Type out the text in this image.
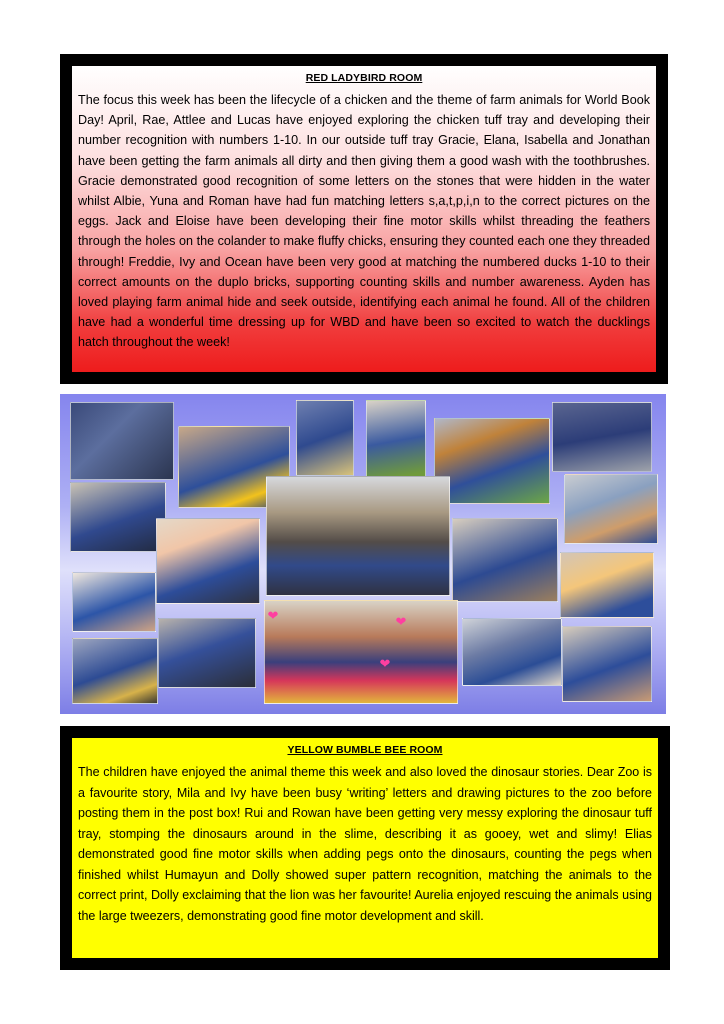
RED LADYBIRD ROOM

The focus this week has been the lifecycle of a chicken and the theme of farm animals for World Book Day! April, Rae, Attlee and Lucas have enjoyed exploring the chicken tuff tray and developing their number recognition with numbers 1-10. In our outside tuff tray Gracie, Elana, Isabella and Jonathan have been getting the farm animals all dirty and then giving them a good wash with the toothbrushes. Gracie demonstrated good recognition of some letters on the stones that were hidden in the water whilst Albie, Yuna and Roman have had fun matching letters s,a,t,p,i,n to the correct pictures on the eggs. Jack and Eloise have been developing their fine motor skills whilst threading the feathers through the holes on the colander to make fluffy chicks, ensuring they counted each one they threaded through! Freddie, Ivy and Ocean have been very good at matching the numbered ducks 1-10 to their correct amounts on the duplo bricks, supporting counting skills and number awareness. Ayden has loved playing farm animal hide and seek outside, identifying each animal he found. All of the children have had a wonderful time dressing up for WBD and have been so excited to watch the ducklings hatch throughout the week!

❤	❤
❤

YELLOW BUMBLE BEE ROOM

The children have enjoyed the animal theme this week and also loved the dinosaur stories. Dear Zoo is a favourite story, Mila and Ivy have been busy ‘writing’ letters and drawing pictures to the zoo before posting them in the post box! Rui and Rowan have been getting very messy exploring the dinosaur tuff tray, stomping the dinosaurs around in the slime, describing it as gooey, wet and slimy! Elias demonstrated good fine motor skills when adding pegs onto the dinosaurs, counting the pegs when finished whilst Humayun and Dolly showed super pattern recognition, matching the animals to the correct print, Dolly exclaiming that the lion was her favourite! Aurelia enjoyed rescuing the animals using the large tweezers, demonstrating good fine motor development and skill.
